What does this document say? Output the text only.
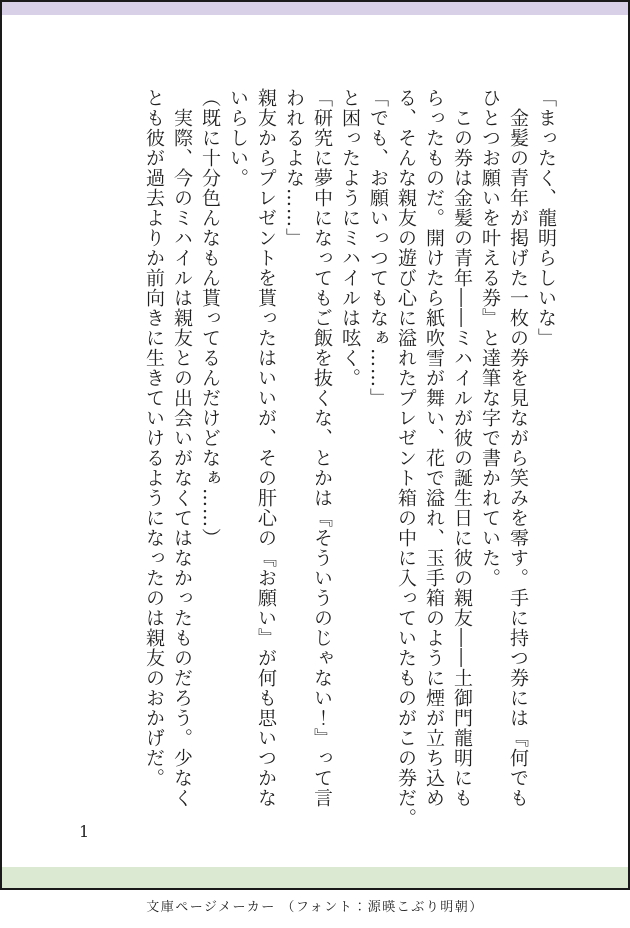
「まったく、龍明らしいな」

　金髪の青年が掲げた一枚の券を見ながら笑みを零す。手に持つ券には『何でも

ひとつお願いを叶える券』と達筆な字で書かれていた。

　この券は金髪の青年――ミハイルが彼の誕生日に彼の親友――土御門龍明にも

らったものだ。開けたら紙吹雪が舞い、花で溢れ、玉手箱のように煙が立ち込め

る、そんな親友の遊び心に溢れたプレゼント箱の中に入っていたものがこの券だ。

「でも、お願いっつてもなぁ……」

と困ったようにミハイルは呟く。

「研究に夢中になってもご飯を抜くな、とかは『そういうのじゃない！』って言

われるよな……」

親友からプレゼントを貰ったはいいが、その肝心の『お願い』が何も思いつかな

いらしい。

（既に十分色んなもん貰ってるんだけどなぁ……）

　実際、今のミハイルは親友との出会いがなくてはなかったものだろう。少なく

とも彼が過去よりか前向きに生きていけるようになったのは親友のおかげだ。

1
文庫ページメーカー （フォント：源暎こぶり明朝）
